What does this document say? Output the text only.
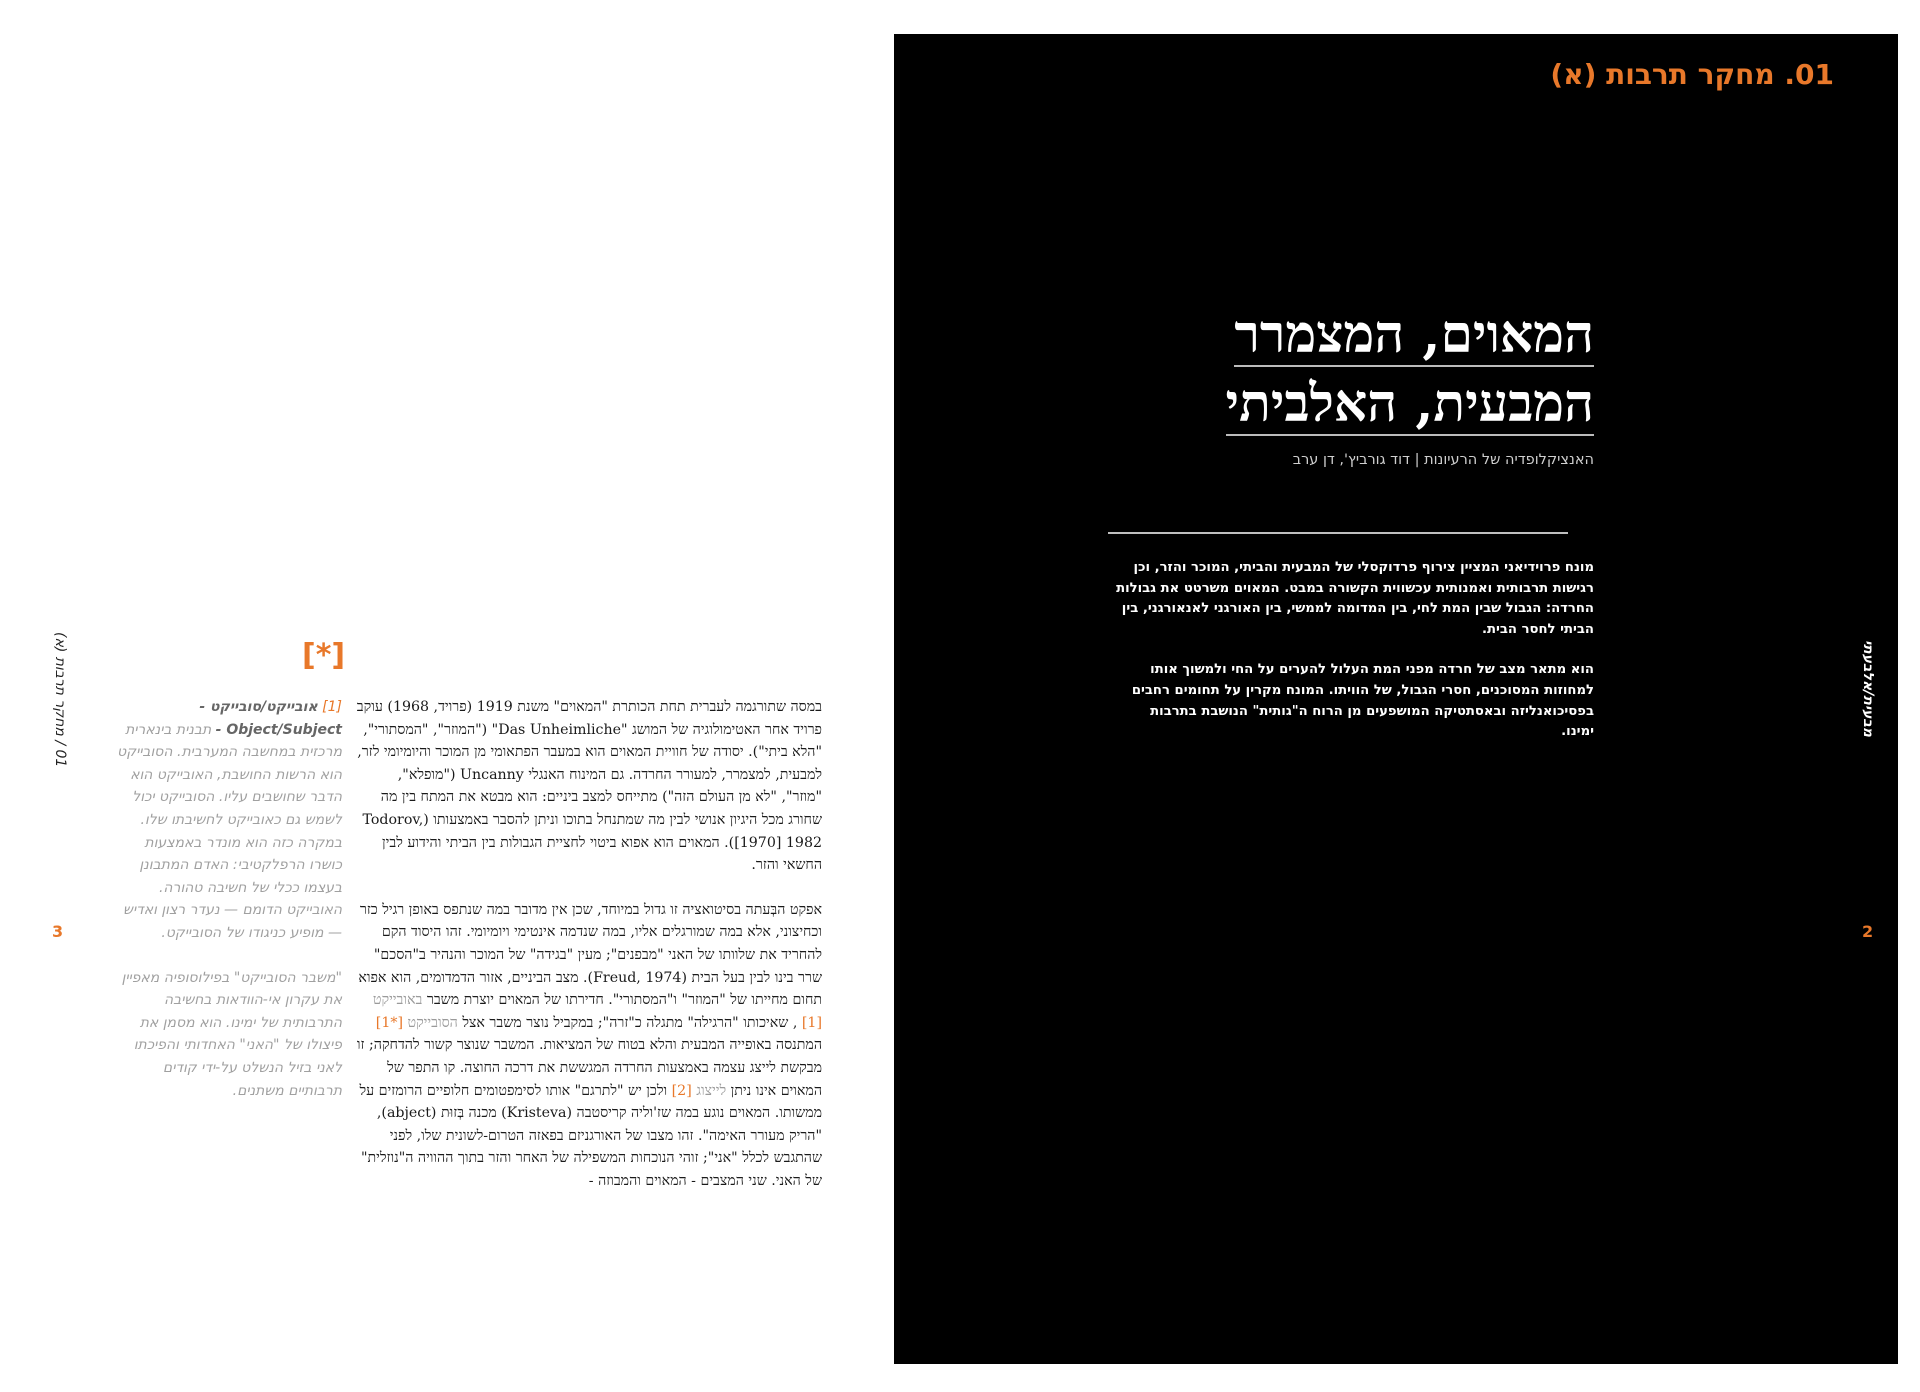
01 / מחקר תרבות (א)
3
[*]

במסה שתורגמה לעברית תחת הכותרת "המאוים" משנת 1919 (פרויד, 1968) עוקב פרויד אחר האטימולוגיה של המושג "Das Unheimliche" ("המוזר", "המסתורי", "הלא ביתי"). יסודה של חוויית המאוים הוא במעבר הפתאומי מן המוכר והיומיומי לזר, למבעית, למצמרר, למעורר החרדה. גם המינוח האנגלי Uncanny ("מופלא", "מוזר", "לא מן העולם הזה") מתייחס למצב ביניים: הוא מבטא את המתח בין מה שחורג מכל היגיון אנושי לבין מה שמתנחל בתוכו וניתן להסבר באמצעותו (Todorov, [1970] 1982). המאוים הוא אפוא ביטוי לחציית הגבולות בין הביתי והידוע לבין החשאי והזר.

אפקט הבְּעתה בסיטואציה זו גדול במיוחד, שכן אין מדובר במה שנתפס באופן רגיל כזר וכחיצוני, אלא במה שמורגלים אליו, במה שנדמה אינטימי ויומיומי. זהו היסוד הקם להחריד את שלוותו של האני "מבפנים"; מעין "בגידה" של המוכר והנהיר ב"הסכם" שרר בינו לבין בעל הבית (Freud, 1974). מצב הביניים, אזור הדמדומים, הוא אפוא תחום מחייתו של "המוזר" ו"המסתורי". חדירתו של המאוים יוצרת משבר באובייקט [1] , שאיכותו "הרגילה" מתגלה כ"זרה"; במקביל נוצר משבר אצל הסובייקט [*1] המתנסה באופייה המבעית והלא בטוח של המציאות. המשבר שנוצר קשור להדחקה; זו מבקשת לייצג עצמה באמצעות החרדה המגששת את דרכה החוצה. קו התפר של המאוים אינו ניתן לייצוג [2] ולכן יש "לתרגם" אותו לסימפטומים חלופיים הרומזים על ממשותו. המאוים נוגע במה שז'וליה קריסטבה (Kristeva) מכנה בְּזוּת (abject), "הריק מעורר האימה". זהו מצבו של האורגניזם בפאזה הטרום-לשונית שלו, לפני שהתגבש לכלל "אני"; זוהי הנוכחות המשפילה של האחר והזר בתוך ההוויה ה"נוזלית" של האני. שני המצבים - המאוים והמבוזה -

[1] אובייקט/סובייקט - Object/Subject - תבנית בינארית מרכזית במחשבה המערבית. הסובייקט הוא הרשות החושבת, האובייקט הוא הדבר שחושבים עליו. הסובייקט יכול לשמש גם כאובייקט לחשיבתו שלו. במקרה כזה הוא מונדר באמצעות כושרו הרפלקטיבי: האדם המתבונן בעצמו ככלי של חשיבה טהורה. האובייקט הדומם — נעדר רצון ואדיש — מופיע כניגודו של הסובייקט.

"משבר הסובייקט" בפילוסופיה מאפיין את עקרון אי-הוודאות בחשיבה התרבותית של ימינו. הוא מסמן את פיצולו של "האני" האחדותי והפיכתו לאני בזיל הנשלט על-ידי קודים תרבותיים משתנים.

01. מחקר תרבות (א)
המאוים, המצמרר
המבעית, האלביתי
האנציקלופדיה של הרעיונות | דוד גורביץ', דן ערב

מונח פרוידיאני המציין צירוף פרדוקסלי של המבעית והביתי, המוכר והזר, וכן רגישות תרבותית ואמנותית עכשווית הקשורה במבט. המאוים משרטט את גבולות החרדה: הגבול שבין המת לחי, בין המדומה לממשי, בין האורגני לאנאורגני, בין הביתי לחסר הבית.

הוא מתאר מצב של חרדה מפני המת העלול להערים על החי ולמשוך אותו למחוזות המסוכנים, חסרי הגבול, של הוויתו. המונח מקרין על תחומים רחבים בפסיכואנליזה ובאסתטיקה המושפעים מן הרוח ה"גותית" הנושבת בתרבות ימינו.	מבעית/אלבעתי
2
